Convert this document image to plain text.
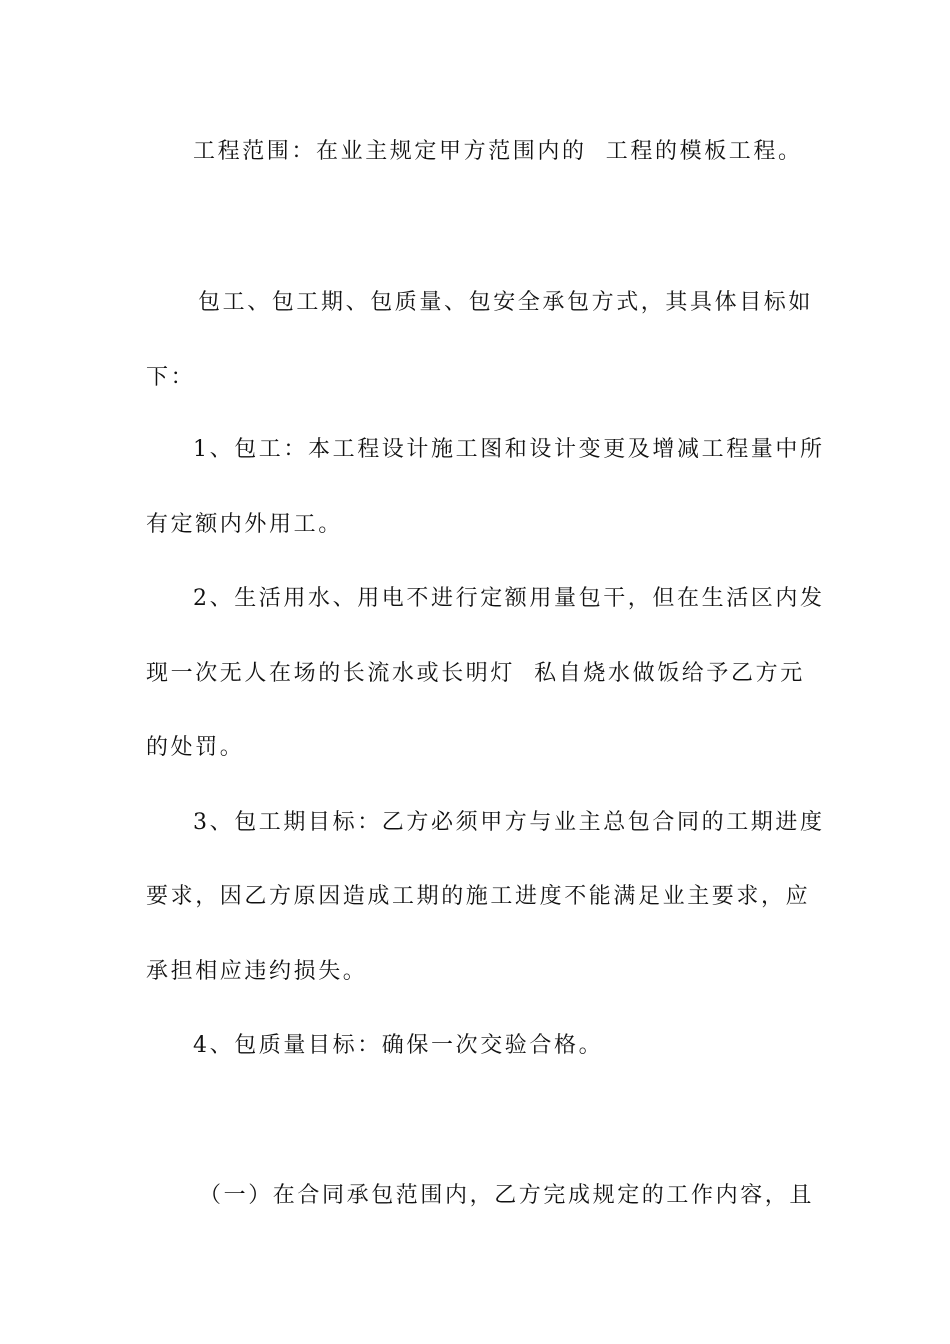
工程范围：在业主规定甲方范围内的  工程的模板工程。
包工、包工期、包质量、包安全承包方式，其具体目标如
下：
1、包工：本工程设计施工图和设计变更及增减工程量中所
有定额内外用工。
2、生活用水、用电不进行定额用量包干，但在生活区内发
现一次无人在场的长流水或长明灯  私自烧水做饭给予乙方元
的处罚。
3、包工期目标：乙方必须甲方与业主总包合同的工期进度
要求，因乙方原因造成工期的施工进度不能满足业主要求，应
承担相应违约损失。
4、包质量目标：确保一次交验合格。
（一）在合同承包范围内，乙方完成规定的工作内容，且
